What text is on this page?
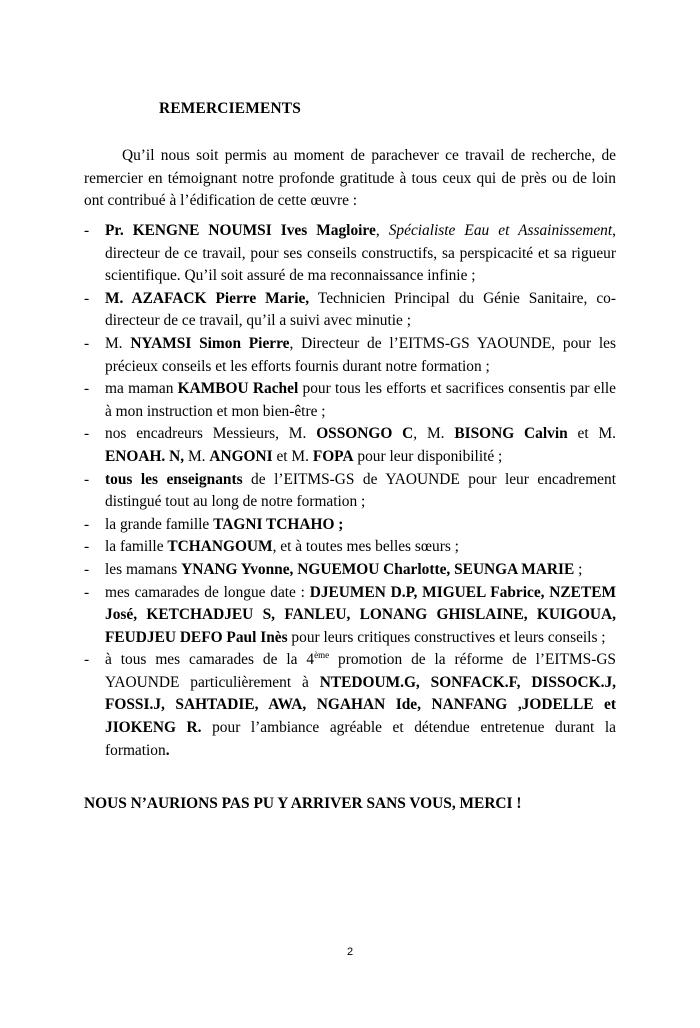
REMERCIEMENTS

Qu’il nous soit permis au moment de parachever ce travail de recherche, de remercier en témoignant notre profonde gratitude à tous ceux qui de près ou de loin ont contribué à l’édification de cette œuvre :

- Pr. KENGNE NOUMSI Ives Magloire, Spécialiste Eau et Assainissement, directeur de ce travail, pour ses conseils constructifs, sa perspicacité et sa rigueur scientifique. Qu’il soit assuré de ma reconnaissance infinie ;
- M. AZAFACK Pierre Marie, Technicien Principal du Génie Sanitaire, co-directeur de ce travail, qu’il a suivi avec minutie ;
- M. NYAMSI Simon Pierre, Directeur de l’EITMS-GS YAOUNDE, pour les précieux conseils et les efforts fournis durant notre formation ;
- ma maman KAMBOU Rachel pour tous les efforts et sacrifices consentis par elle à mon instruction et mon bien-être ;
- nos encadreurs Messieurs, M. OSSONGO C, M. BISONG Calvin et M. ENOAH. N, M. ANGONI et M. FOPA pour leur disponibilité ;
- tous les enseignants de l’EITMS-GS de YAOUNDE pour leur encadrement distingué tout au long de notre formation ;
- la grande famille TAGNI TCHAHO ;
- la famille TCHANGOUM, et à toutes mes belles sœurs ;
- les mamans YNANG Yvonne, NGUEMOU Charlotte, SEUNGA MARIE ;
- mes camarades de longue date : DJEUMEN D.P, MIGUEL Fabrice, NZETEM José, KETCHADJEU S, FANLEU, LONANG GHISLAINE, KUIGOUA, FEUDJEU DEFO Paul Inès pour leurs critiques constructives et leurs conseils ;
- à tous mes camarades de la 4ème promotion de la réforme de l’EITMS-GS YAOUNDE particulièrement à NTEDOUM.G, SONFACK.F, DISSOCK.J, FOSSI.J, SAHTADIE, AWA, NGAHAN Ide, NANFANG ,JODELLE et JIOKENG R. pour l’ambiance agréable et détendue entretenue durant la formation.

NOUS N’AURIONS PAS PU Y ARRIVER SANS VOUS, MERCI !

2
